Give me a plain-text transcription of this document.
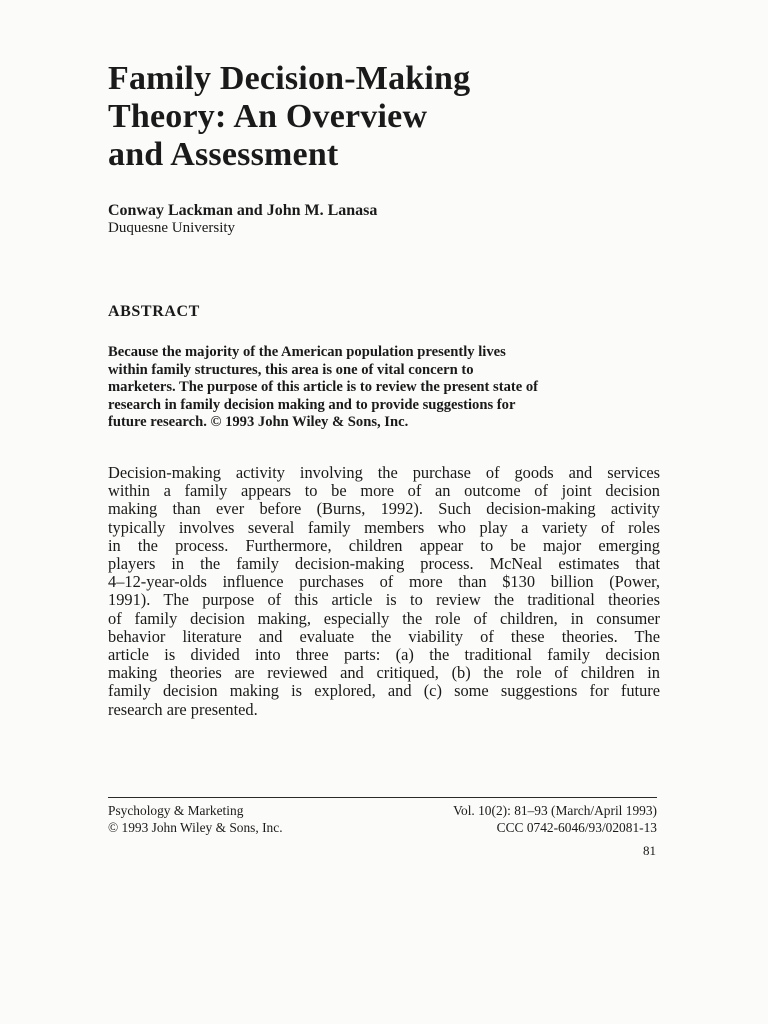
Family Decision-Making
Theory: An Overview
and Assessment
Conway Lackman and John M. Lanasa
Duquesne University
ABSTRACT
Because the majority of the American population presently lives
within family structures, this area is one of vital concern to
marketers. The purpose of this article is to review the present state of
research in family decision making and to provide suggestions for
future research. © 1993 John Wiley & Sons, Inc.
Decision-making activity involving the purchase of goods and services
within a family appears to be more of an outcome of joint decision
making than ever before (Burns, 1992). Such decision-making activity
typically involves several family members who play a variety of roles
in the process. Furthermore, children appear to be major emerging
players in the family decision-making process. McNeal estimates that
4–12-year-olds influence purchases of more than $130 billion (Power,
1991). The purpose of this article is to review the traditional theories
of family decision making, especially the role of children, in consumer
behavior literature and evaluate the viability of these theories. The
article is divided into three parts: (a) the traditional family decision
making theories are reviewed and critiqued, (b) the role of children in
family decision making is explored, and (c) some suggestions for future
research are presented.
Psychology & Marketing
© 1993 John Wiley & Sons, Inc.
Vol. 10(2): 81–93 (March/April 1993)
CCC 0742-6046/93/02081-13
81
